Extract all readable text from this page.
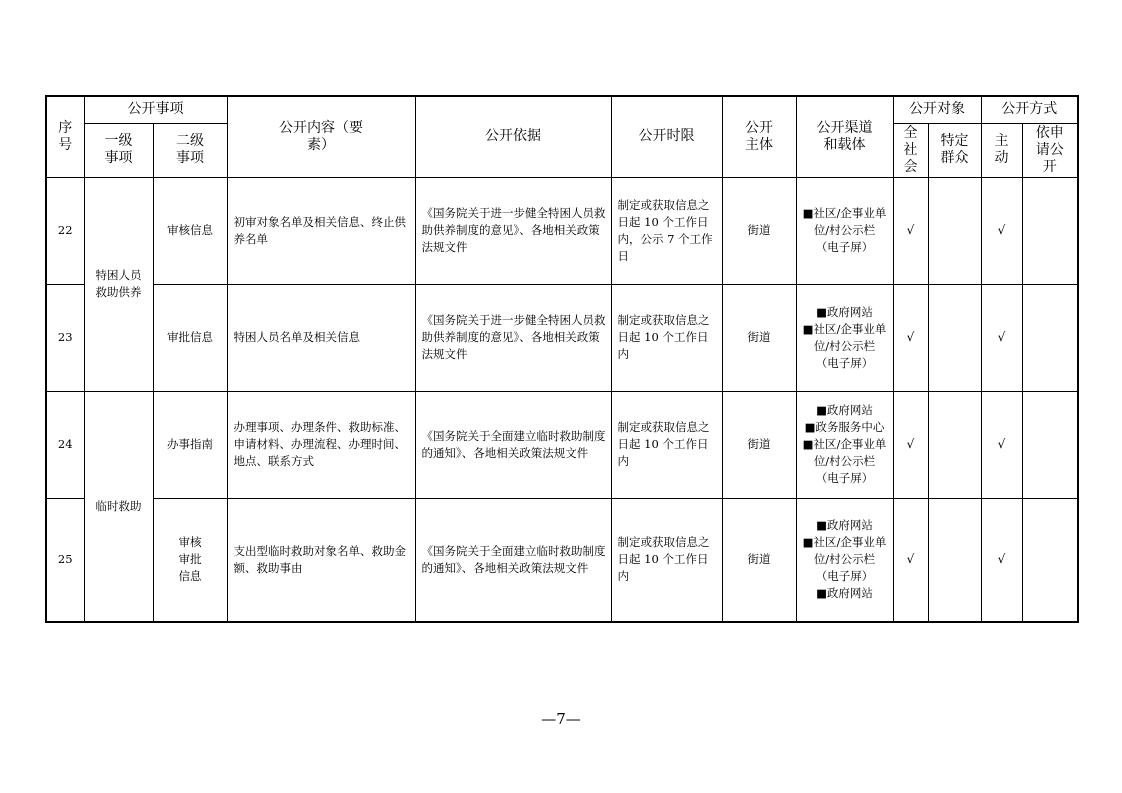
序号	公开事项		公开内容（要素）	公开依据	公开时限	公开主体	公开渠道和载体	公开对象		公开方式	
	一级事项	二级事项						全社会	特定群众	主动	依申请公开
22	特困人员救助供养	审核信息	初审对象名单及相关信息、终止供养名单	《国务院关于进一步健全特困人员救助供养制度的意见》、各地相关政策法规文件	制定或获取信息之日起 10 个工作日内，公示 7 个工作日	街道	■社区/企事业单位/村公示栏（电子屏）	√		√	
23		审批信息	特困人员名单及相关信息	《国务院关于进一步健全特困人员救助供养制度的意见》、各地相关政策法规文件	制定或获取信息之日起 10 个工作日内	街道	■政府网站
■社区/企事业单位/村公示栏（电子屏）	√		√	
24	临时救助	办事指南	办理事项、办理条件、救助标准、申请材料、办理流程、办理时间、地点、联系方式	《国务院关于全面建立临时救助制度的通知》、各地相关政策法规文件	制定或获取信息之日起 10 个工作日内	街道	■政府网站
■政务服务中心
■社区/企事业单位/村公示栏（电子屏）	√		√	
25		审核审批信息	支出型临时救助对象名单、救助金额、救助事由	《国务院关于全面建立临时救助制度的通知》、各地相关政策法规文件	制定或获取信息之日起 10 个工作日内	街道	■政府网站
■社区/企事业单位/村公示栏（电子屏）
■政府网站	√		√	
—7—
